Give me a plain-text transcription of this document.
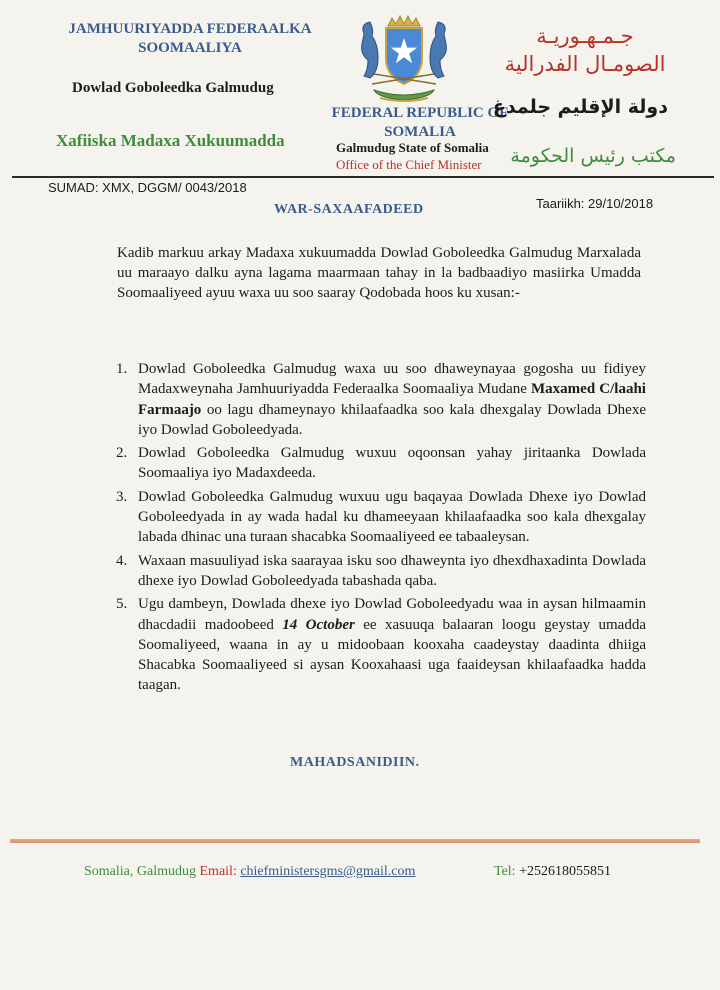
JAMHUURIYADDA FEDERAALKA SOOMAALIYA
Dowlad Goboleedka Galmudug
Xafiiska Madaxa Xukuumadda
FEDERAL REPUBLIC OF SOMALIA
Galmudug State of Somalia
Office of the Chief Minister
جـمـهـوريـة الصومـال الفدرالية
دولة الإقليم جلمدغ
مكتب رئيس الحكومة
SUMAD: XMX, DGGM/ 0043/2018
Taariikh: 29/10/2018
WAR-SAXAAFADEED
Kadib markuu arkay Madaxa xukuumadda Dowlad Goboleedka Galmudug Marxalada uu maraayo dalku ayna lagama maarmaan tahay in la badbaadiyo masiirka Umadda Soomaaliyeed ayuu waxa uu soo saaray Qodobada hoos ku xusan:-
1. Dowlad Goboleedka Galmudug waxa uu soo dhaweynayaa gogosha uu fidiyey Madaxweynaha Jamhuuriyadda Federaalka Soomaaliya Mudane Maxamed C/laahi Farmaajo oo lagu dhameynayo khilaafaadka soo kala dhexgalay Dowlada Dhexe iyo Dowlad Goboleedyada.
2. Dowlad Goboleedka Galmudug wuxuu oqoonsan yahay jiritaanka Dowlada Soomaaliya iyo Madaxdeeda.
3. Dowlad Goboleedka Galmudug wuxuu ugu baqayaa Dowlada Dhexe iyo Dowlad Goboleedyada in ay wada hadal ku dhameeyaan khilaafaadka soo kala dhexgalay labada dhinac una turaan shacabka Soomaaliyeed ee tabaaleysan.
4. Waxaan masuuliyad iska saarayaa isku soo dhaweynta iyo dhexdhaxadinta Dowlada dhexe iyo Dowlad Goboleedyada tabashada qaba.
5. Ugu dambeyn, Dowlada dhexe iyo Dowlad Goboleedyadu waa in aysan hilmaamin dhacdadii madoobeed 14 October ee xasuuqa balaaran loogu geystay umadda Soomaliyeed, waana in ay u midoobaan kooxaha caadeystay daadinta dhiiga Shacabka Soomaaliyeed si aysan Kooxahaasi uga faaideysan khilaafaadka hadda taagan.
MAHADSANIDIIN.
Somalia, Galmudug Email: chiefministersgms@gmail.com	Tel: +252618055851
